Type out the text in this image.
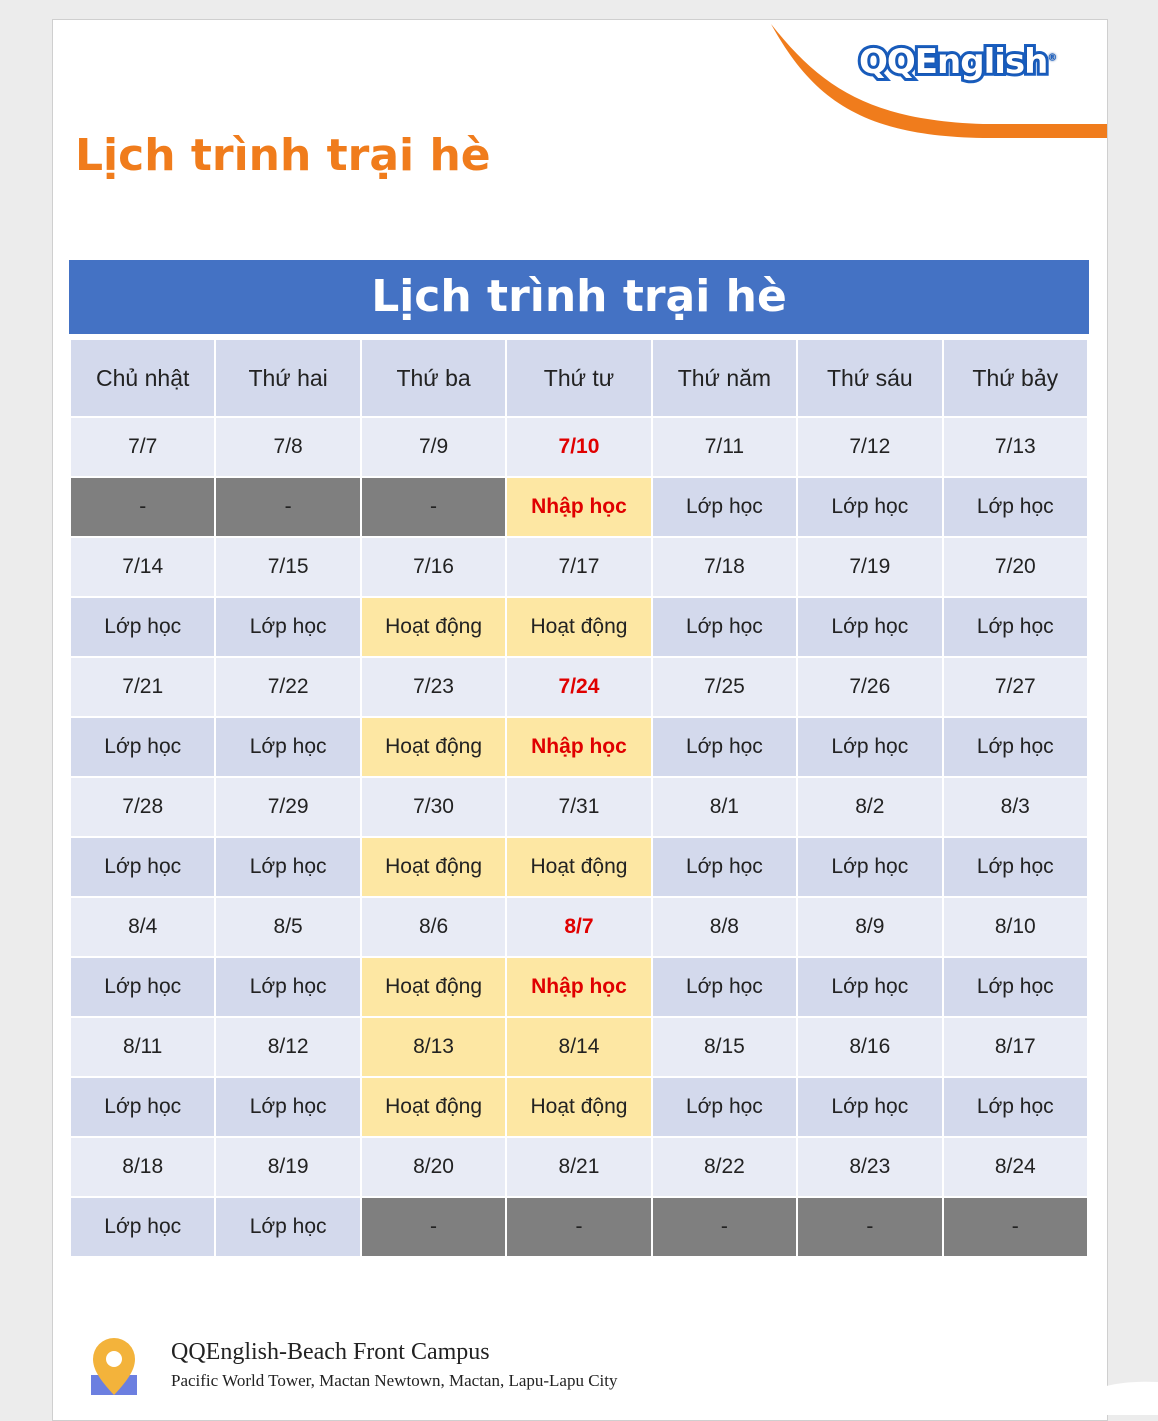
QQEnglish®
Lịch trình trại hè
Lịch trình trại hè
Chủ nhật	Thứ hai	Thứ ba	Thứ tư	Thứ năm	Thứ sáu	Thứ bảy
7/7	7/8	7/9	7/10	7/11	7/12	7/13
-	-	-	Nhập học	Lớp học	Lớp học	Lớp học
7/14	7/15	7/16	7/17	7/18	7/19	7/20
Lớp học	Lớp học	Hoạt động	Hoạt động	Lớp học	Lớp học	Lớp học
7/21	7/22	7/23	7/24	7/25	7/26	7/27
Lớp học	Lớp học	Hoạt động	Nhập học	Lớp học	Lớp học	Lớp học
7/28	7/29	7/30	7/31	8/1	8/2	8/3
Lớp học	Lớp học	Hoạt động	Hoạt động	Lớp học	Lớp học	Lớp học
8/4	8/5	8/6	8/7	8/8	8/9	8/10
Lớp học	Lớp học	Hoạt động	Nhập học	Lớp học	Lớp học	Lớp học
8/11	8/12	8/13	8/14	8/15	8/16	8/17
Lớp học	Lớp học	Hoạt động	Hoạt động	Lớp học	Lớp học	Lớp học
8/18	8/19	8/20	8/21	8/22	8/23	8/24
Lớp học	Lớp học	-	-	-	-	-
QQEnglish-Beach Front Campus
Pacific World Tower, Mactan Newtown, Mactan, Lapu-Lapu City
